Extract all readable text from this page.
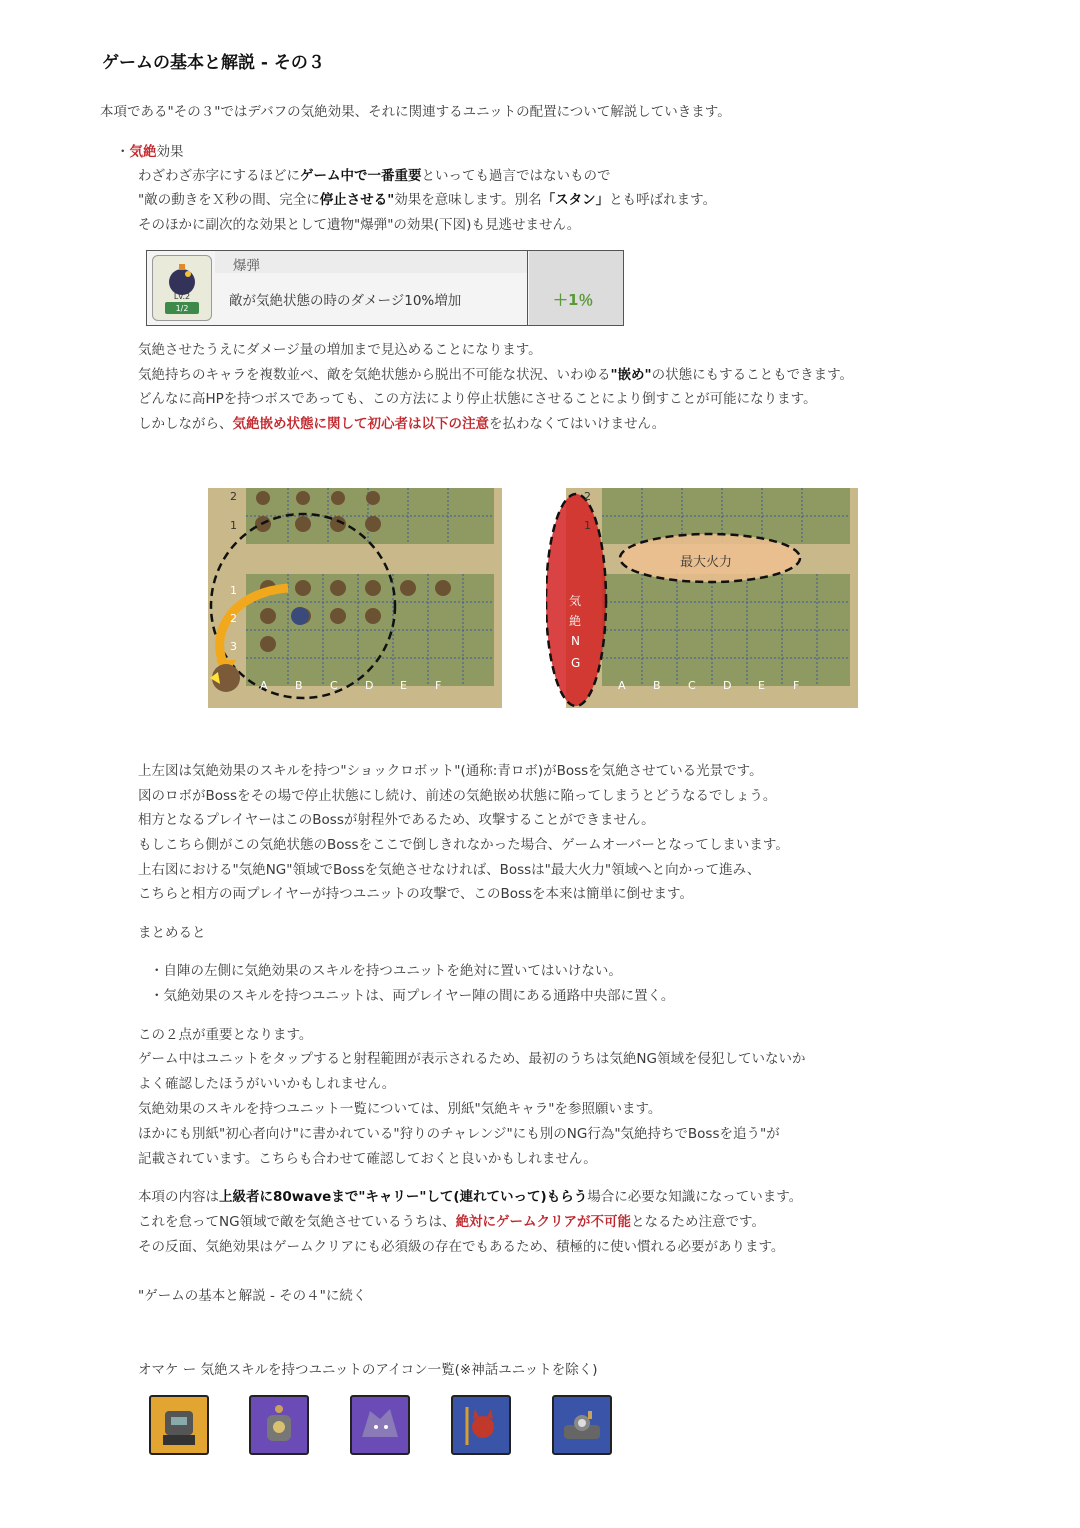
ゲームの基本と解説 - その３
本項である"その３"ではデバフの気絶効果、それに関連するユニットの配置について解説していきます。
・気絶効果
わざわざ赤字にするほどにゲーム中で一番重要といっても過言ではないもので
"敵の動きをＸ秒の間、完全に停止させる"効果を意味します。別名「スタン」とも呼ばれます。
そのほかに副次的な効果として遺物"爆弾"の効果(下図)も見逃せません。
Lv.2
1/2
爆弾
敵が気絶状態の時のダメージ10%増加	＋1％
気絶させたうえにダメージ量の増加まで見込めることになります。
気絶持ちのキャラを複数並べ、敵を気絶状態から脱出不可能な状況、いわゆる"嵌め"の状態にもすることもできます。
どんなに高HPを持つボスであっても、この方法により停止状態にさせることにより倒すことが可能になります。
しかしながら、気絶嵌め状態に関して初心者は以下の注意を払わなくてはいけません。
2
1
1
2
3
A B C D E	F
2
1
最大火力
気
絶
N
G
A B C D E	F
上左図は気絶効果のスキルを持つ"ショックロボット"(通称:青ロボ)がBossを気絶させている光景です。
図のロボがBossをその場で停止状態にし続け、前述の気絶嵌め状態に陥ってしまうとどうなるでしょう。
相方となるプレイヤーはこのBossが射程外であるため、攻撃することができません。
もしこちら側がこの気絶状態のBossをここで倒しきれなかった場合、ゲームオーバーとなってしまいます。
上右図における"気絶NG"領域でBossを気絶させなければ、Bossは"最大火力"領域へと向かって進み、
こちらと相方の両プレイヤーが持つユニットの攻撃で、このBossを本来は簡単に倒せます。
まとめると
・自陣の左側に気絶効果のスキルを持つユニットを絶対に置いてはいけない。
・気絶効果のスキルを持つユニットは、両プレイヤー陣の間にある通路中央部に置く。
この２点が重要となります。
ゲーム中はユニットをタップすると射程範囲が表示されるため、最初のうちは気絶NG領域を侵犯していないか
よく確認したほうがいいかもしれません。
気絶効果のスキルを持つユニット一覧については、別紙"気絶キャラ"を参照願います。
ほかにも別紙"初心者向け"に書かれている"狩りのチャレンジ"にも別のNG行為"気絶持ちでBossを追う"が
記載されています。こちらも合わせて確認しておくと良いかもしれません。
本項の内容は上級者に80waveまで"キャリー"して(連れていって)もらう場合に必要な知識になっています。
これを怠ってNG領域で敵を気絶させているうちは、絶対にゲームクリアが不可能となるため注意です。
その反面、気絶効果はゲームクリアにも必須級の存在でもあるため、積極的に使い慣れる必要があります。
"ゲームの基本と解説 - その４"に続く
オマケ ー 気絶スキルを持つユニットのアイコン一覧(※神話ユニットを除く)
